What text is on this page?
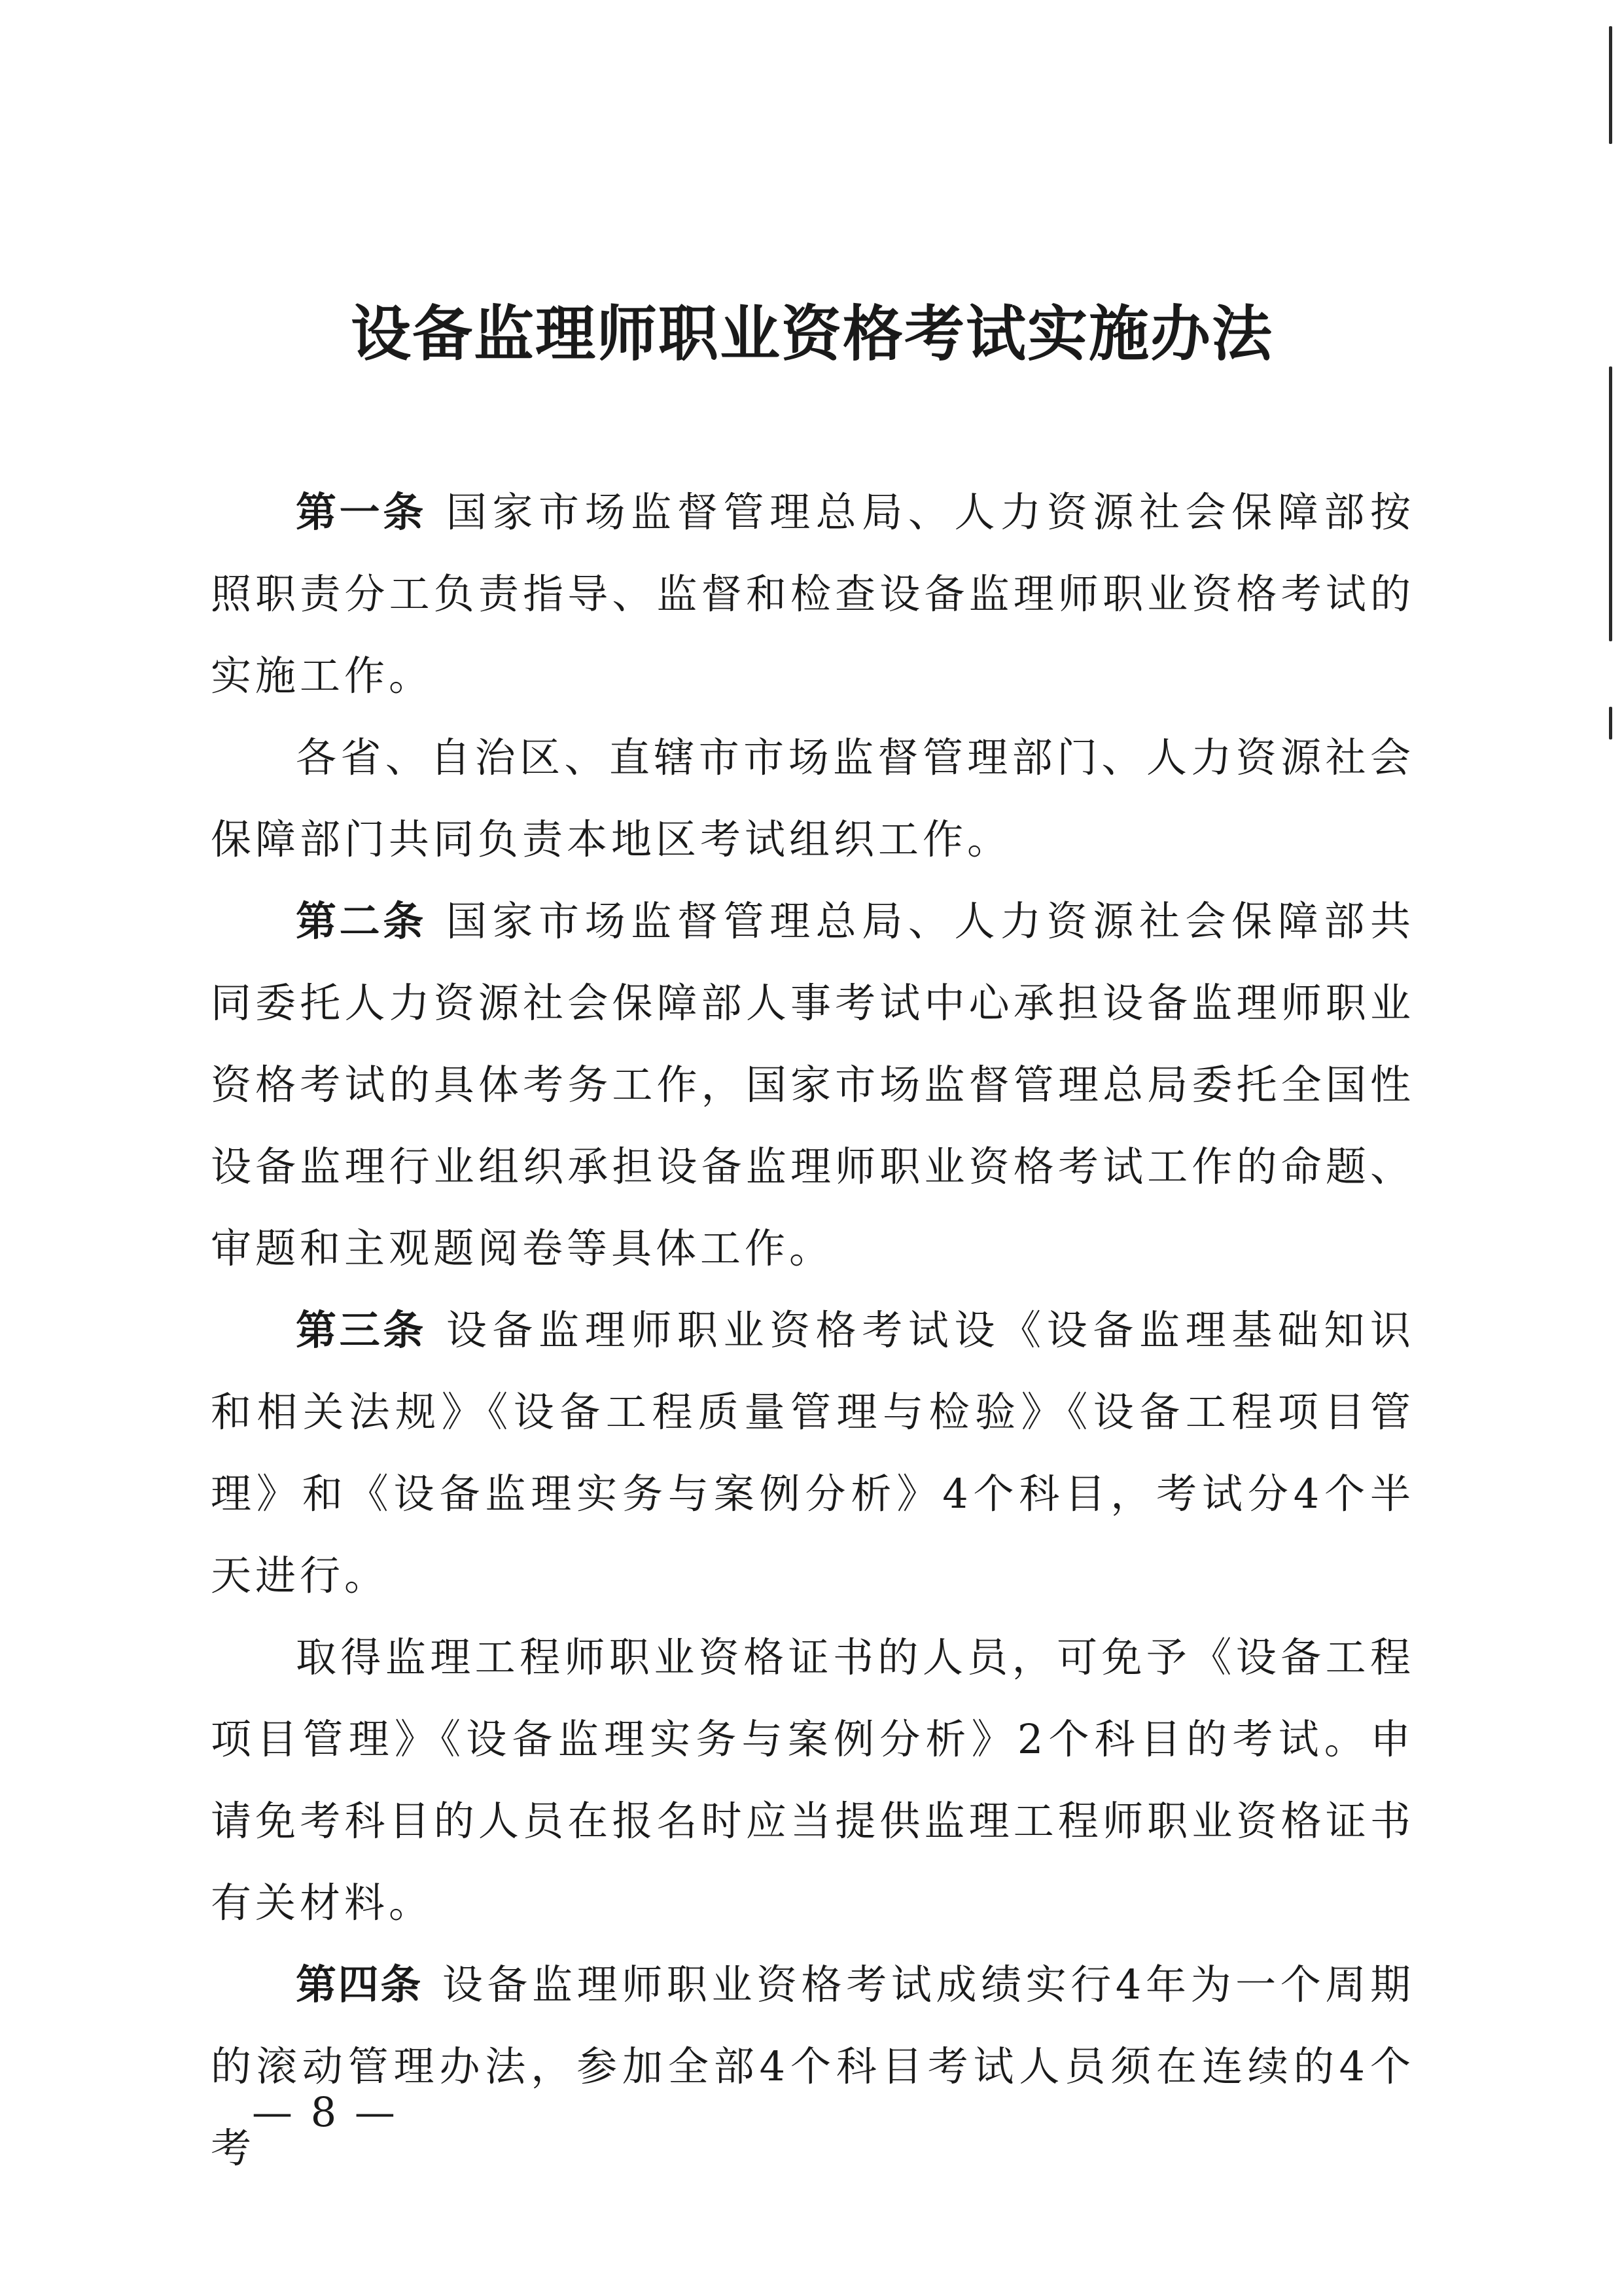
设备监理师职业资格考试实施办法

第一条 国家市场监督管理总局、人力资源社会保障部按照职责分工负责指导、监督和检查设备监理师职业资格考试的实施工作。

各省、自治区、直辖市市场监督管理部门、人力资源社会保障部门共同负责本地区考试组织工作。

第二条 国家市场监督管理总局、人力资源社会保障部共同委托人力资源社会保障部人事考试中心承担设备监理师职业资格考试的具体考务工作，国家市场监督管理总局委托全国性设备监理行业组织承担设备监理师职业资格考试工作的命题、审题和主观题阅卷等具体工作。

第三条 设备监理师职业资格考试设《设备监理基础知识和相关法规》《设备工程质量管理与检验》《设备工程项目管理》和《设备监理实务与案例分析》4个科目，考试分4个半天进行。

取得监理工程师职业资格证书的人员，可免予《设备工程项目管理》《设备监理实务与案例分析》2个科目的考试。申请免考科目的人员在报名时应当提供监理工程师职业资格证书有关材料。

第四条 设备监理师职业资格考试成绩实行4年为一个周期的滚动管理办法，参加全部4个科目考试人员须在连续的4个考

— 8 —
